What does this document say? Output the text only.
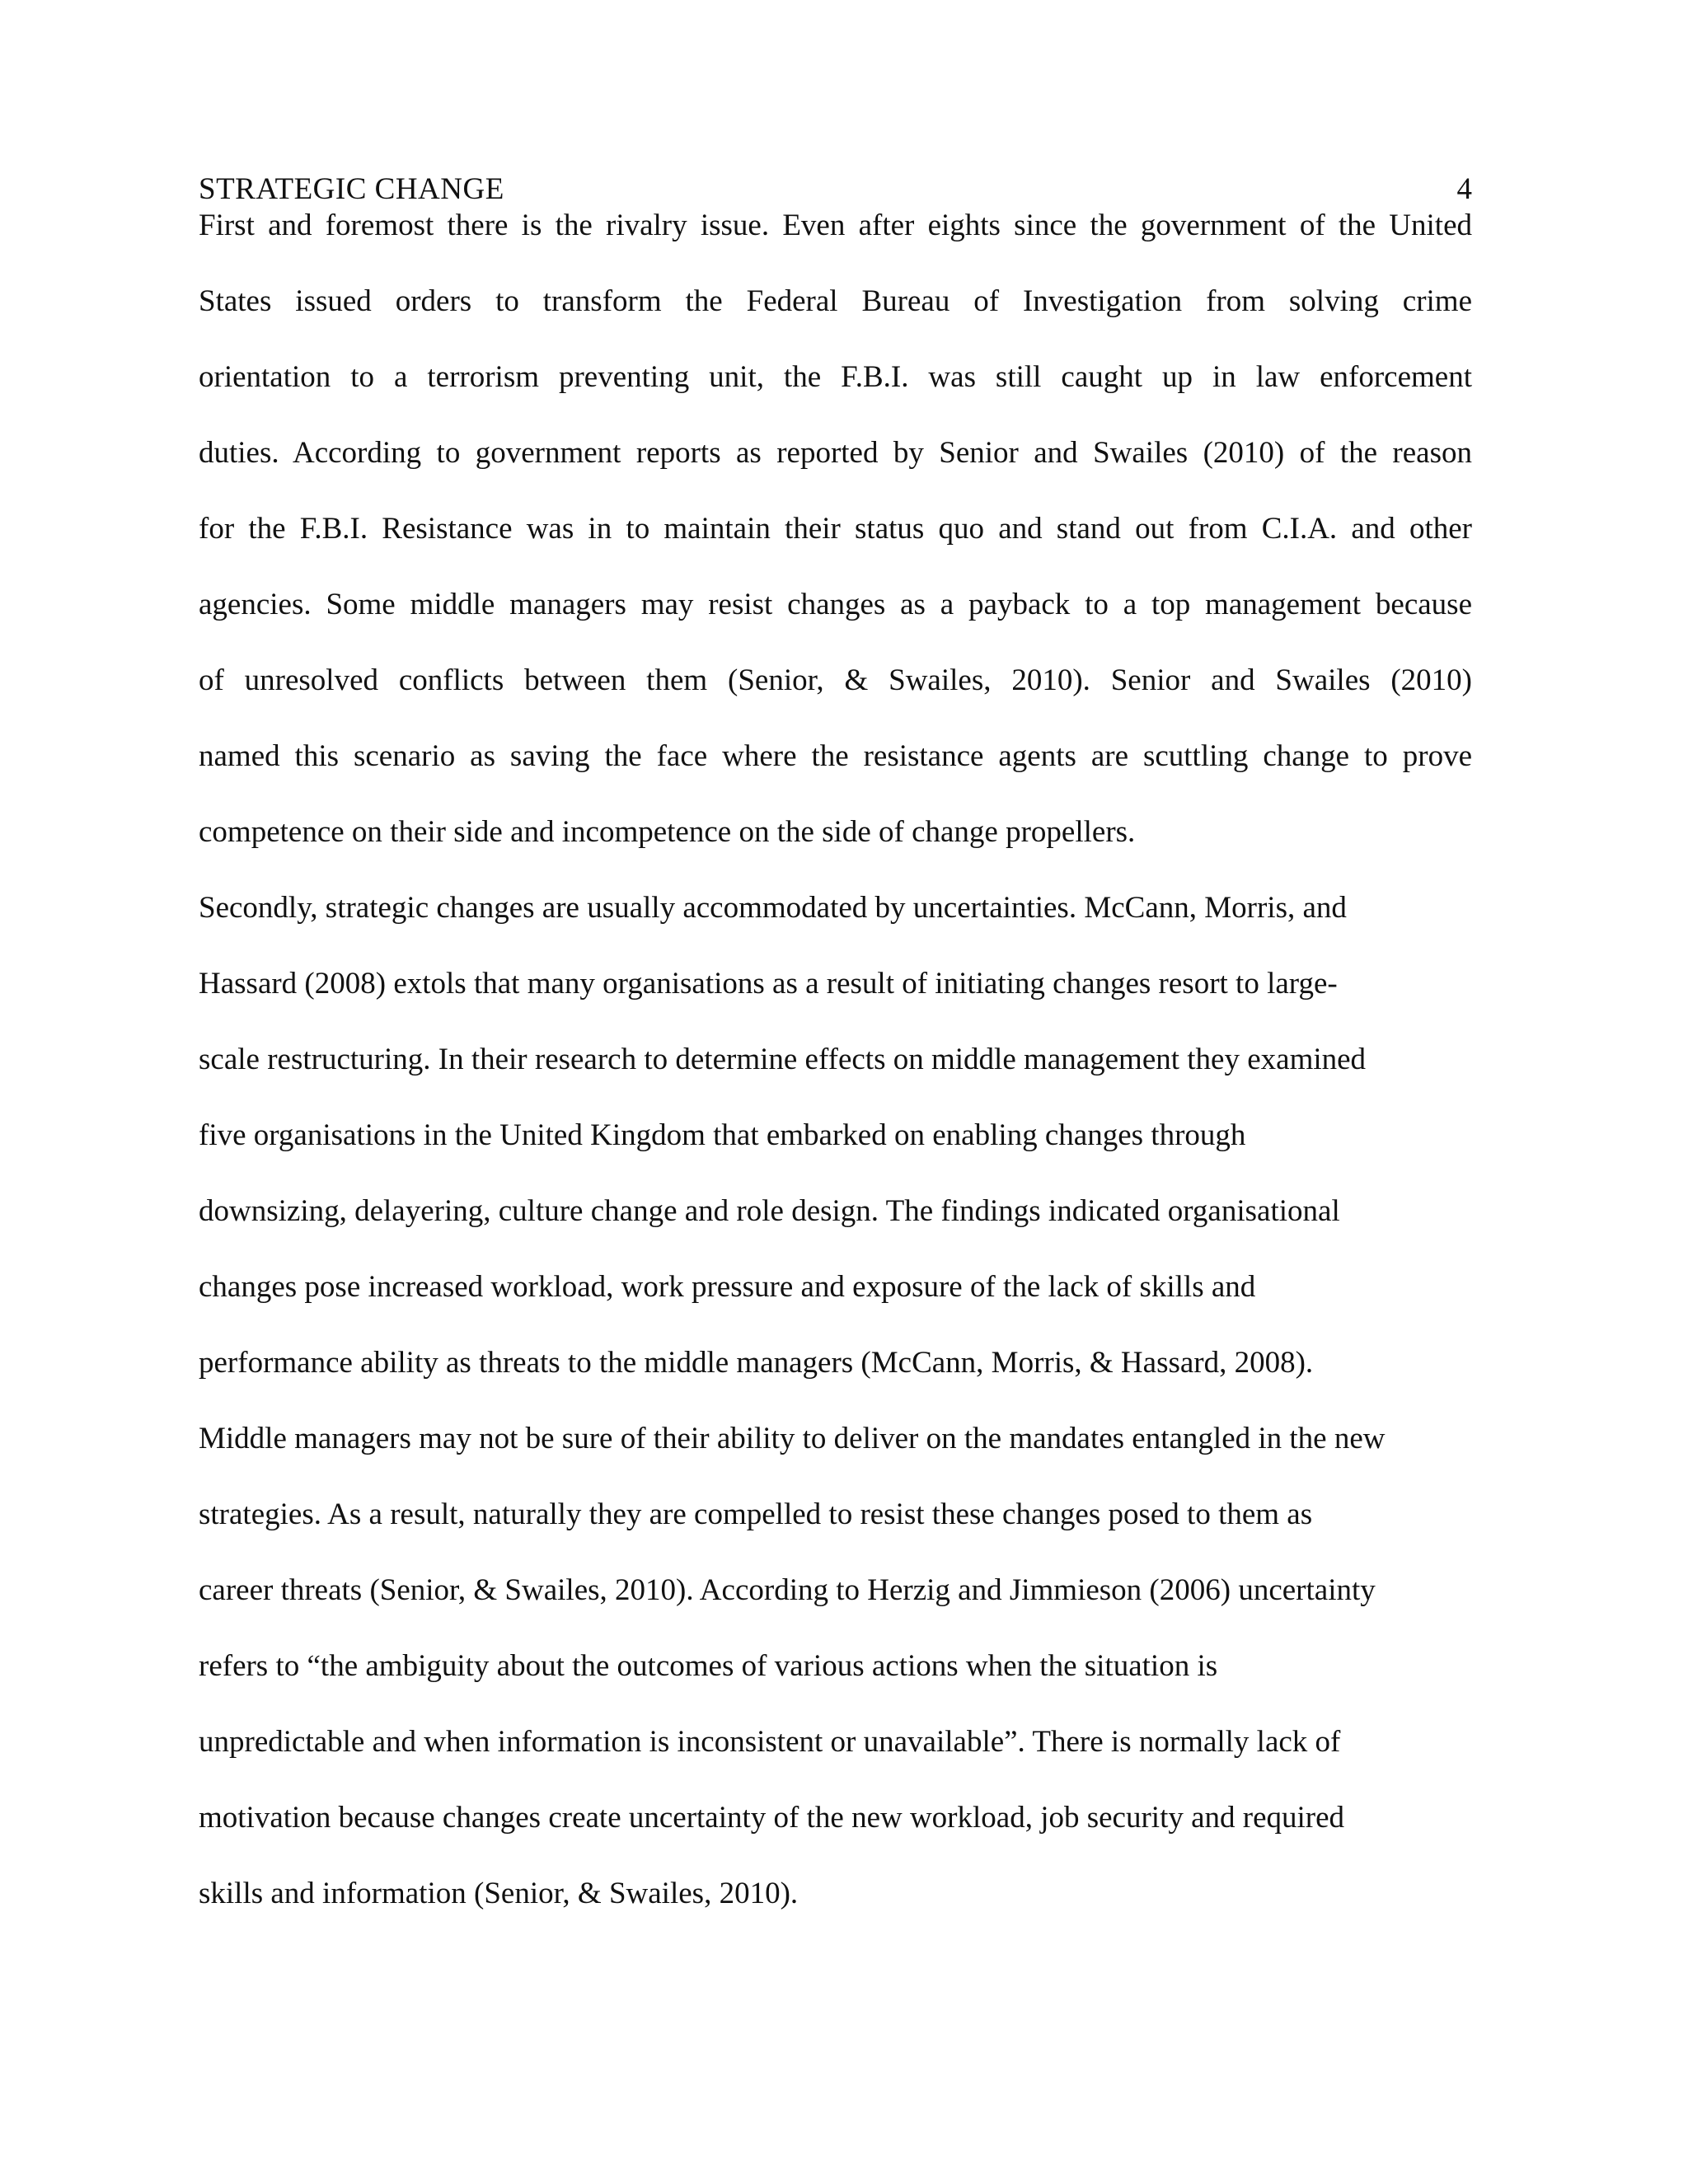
STRATEGIC CHANGE	4
First and foremost there is the rivalry issue. Even after eights since the government of the United
States issued orders to transform the Federal Bureau of Investigation from solving crime
orientation to a terrorism preventing unit, the F.B.I. was still caught up in law enforcement
duties. According to government reports as reported by Senior and Swailes (2010) of the reason
for the F.B.I. Resistance was in to maintain their status quo and stand out from C.I.A. and other
agencies. Some middle managers may resist changes as a payback to a top management because
of unresolved conflicts between them (Senior, & Swailes, 2010). Senior and Swailes (2010)
named this scenario as saving the face where the resistance agents are scuttling change to prove
competence on their side and incompetence on the side of change propellers.
Secondly, strategic changes are usually accommodated by uncertainties. McCann, Morris, and
Hassard (2008) extols that many organisations as a result of initiating changes resort to large-
scale restructuring. In their research to determine effects on middle management they examined
five organisations in the United Kingdom that embarked on enabling changes through
downsizing, delayering, culture change and role design. The findings indicated organisational
changes pose increased workload, work pressure and exposure of the lack of skills and
performance ability as threats to the middle managers (McCann, Morris, & Hassard, 2008).
Middle managers may not be sure of their ability to deliver on the mandates entangled in the new
strategies. As a result, naturally they are compelled to resist these changes posed to them as
career threats (Senior, & Swailes, 2010). According to Herzig and Jimmieson (2006) uncertainty
refers to “the ambiguity about the outcomes of various actions when the situation is
unpredictable and when information is inconsistent or unavailable”. There is normally lack of
motivation because changes create uncertainty of the new workload, job security and required
skills and information (Senior, & Swailes, 2010).
